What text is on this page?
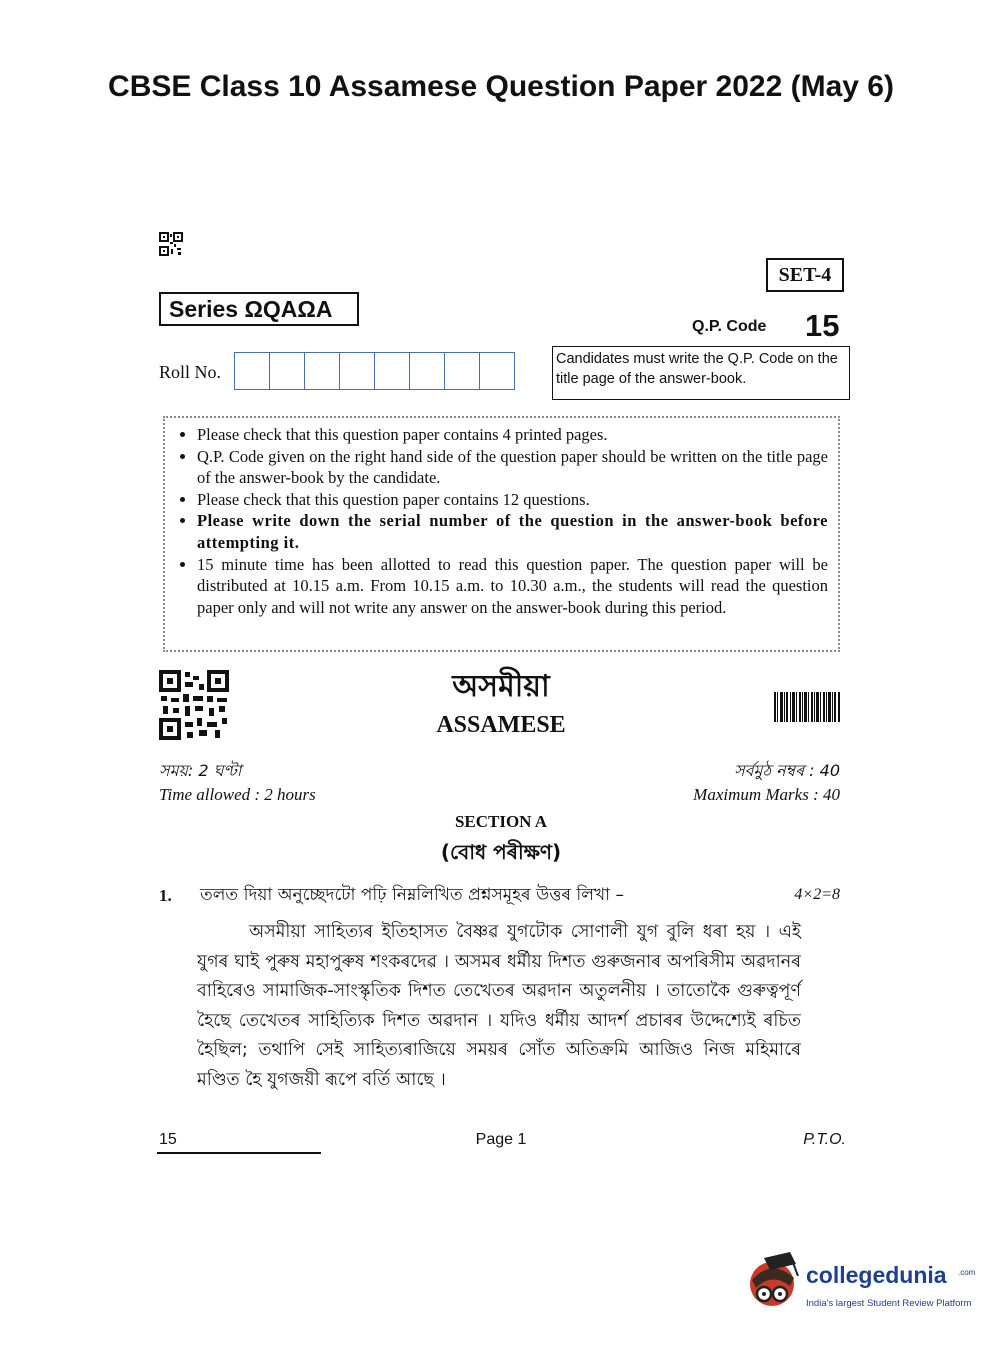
CBSE Class 10 Assamese Question Paper 2022 (May 6)
SET-4
Series ΩQAΩA
Q.P. Code 15
Roll No.
Candidates must write the Q.P. Code on the title page of the answer-book.
• Please check that this question paper contains 4 printed pages.
• Q.P. Code given on the right hand side of the question paper should be written on the title page of the answer-book by the candidate.
• Please check that this question paper contains 12 questions.
• Please write down the serial number of the question in the answer-book before attempting it.
• 15 minute time has been allotted to read this question paper. The question paper will be distributed at 10.15 a.m. From 10.15 a.m. to 10.30 a.m., the students will read the question paper only and will not write any answer on the answer-book during this period.
অসমীয়া
ASSAMESE
সময়: 2 ঘণ্টা
Time allowed : 2 hours
সৰ্বমুঠ নম্বৰ : 40
Maximum Marks : 40
SECTION A
(বোধ পৰীক্ষণ)
1. তলত দিয়া অনুচ্ছেদটো পঢ়ি নিম্নলিখিত প্ৰশ্নসমূহৰ উত্তৰ লিখা –	4×2=8
অসমীয়া সাহিত্যৰ ইতিহাসত বৈষ্ণৱ যুগটোক সোণালী যুগ বুলি ধৰা হয় । এই যুগৰ ঘাই পুৰুষ মহাপুৰুষ শংকৰদেৱ । অসমৰ ধৰ্মীয় দিশত গুৰুজনাৰ অপৰিসীম অৱদানৰ বাহিৰেও সামাজিক-সাংস্কৃতিক দিশত তেখেতৰ অৱদান অতুলনীয় । তাতোকৈ গুৰুত্বপূৰ্ণ হৈছে তেখেতৰ সাহিত্যিক দিশত অৱদান । যদিও ধৰ্মীয় আদৰ্শ প্ৰচাৰৰ উদ্দেশ্যেই ৰচিত হৈছিল; তথাপি সেই সাহিত্যৰাজিয়ে সময়ৰ সোঁত অতিক্ৰমি আজিও নিজ মহিমাৰে মণ্ডিত হৈ যুগজয়ী ৰূপে বৰ্তি আছে ।
15	Page 1	P.T.O.
collegedunia .com
India's largest Student Review Platform
